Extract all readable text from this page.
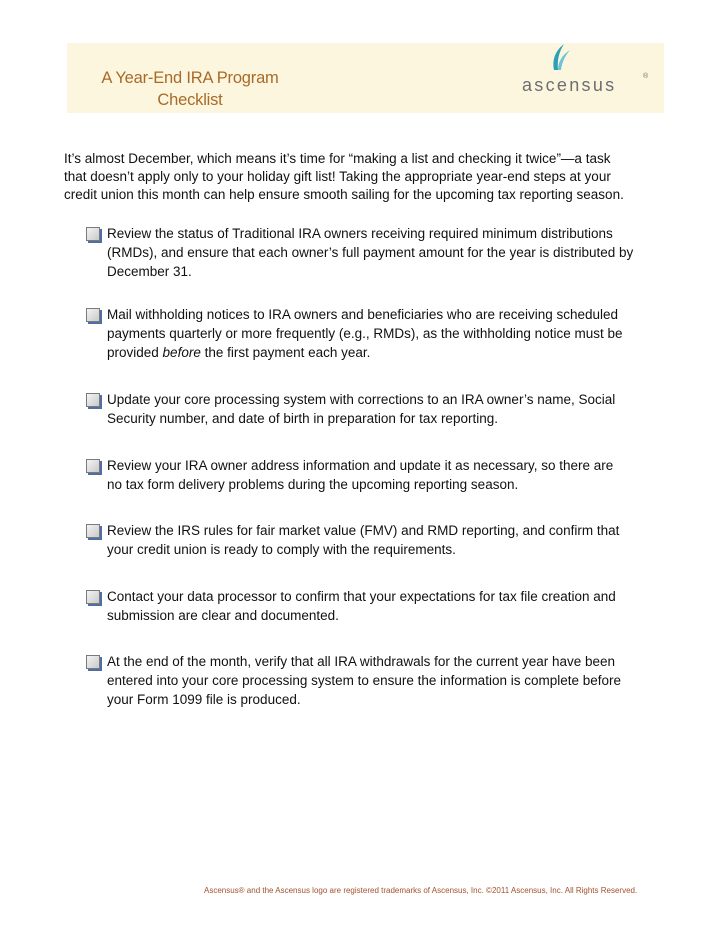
A Year-End IRA Program
Checklist
ascensus	®

It’s almost December, which means it’s time for “making a list and checking it twice”—a task
that doesn’t apply only to your holiday gift list! Taking the appropriate year-end steps at your
credit union this month can help ensure smooth sailing for the upcoming tax reporting season.

Review the status of Traditional IRA owners receiving required minimum distributions
(RMDs), and ensure that each owner’s full payment amount for the year is distributed by
December 31.
Mail withholding notices to IRA owners and beneficiaries who are receiving scheduled
payments quarterly or more frequently (e.g., RMDs), as the withholding notice must be
provided before the first payment each year.
Update your core processing system with corrections to an IRA owner’s name, Social
Security number, and date of birth in preparation for tax reporting.
Review your IRA owner address information and update it as necessary, so there are
no tax form delivery problems during the upcoming reporting season.
Review the IRS rules for fair market value (FMV) and RMD reporting, and confirm that
your credit union is ready to comply with the requirements.
Contact your data processor to confirm that your expectations for tax file creation and
submission are clear and documented.
At the end of the month, verify that all IRA withdrawals for the current year have been
entered into your core processing system to ensure the information is complete before
your Form 1099 file is produced.
Ascensus® and the Ascensus logo are registered trademarks of Ascensus, Inc. ©2011 Ascensus, Inc. All Rights Reserved.
